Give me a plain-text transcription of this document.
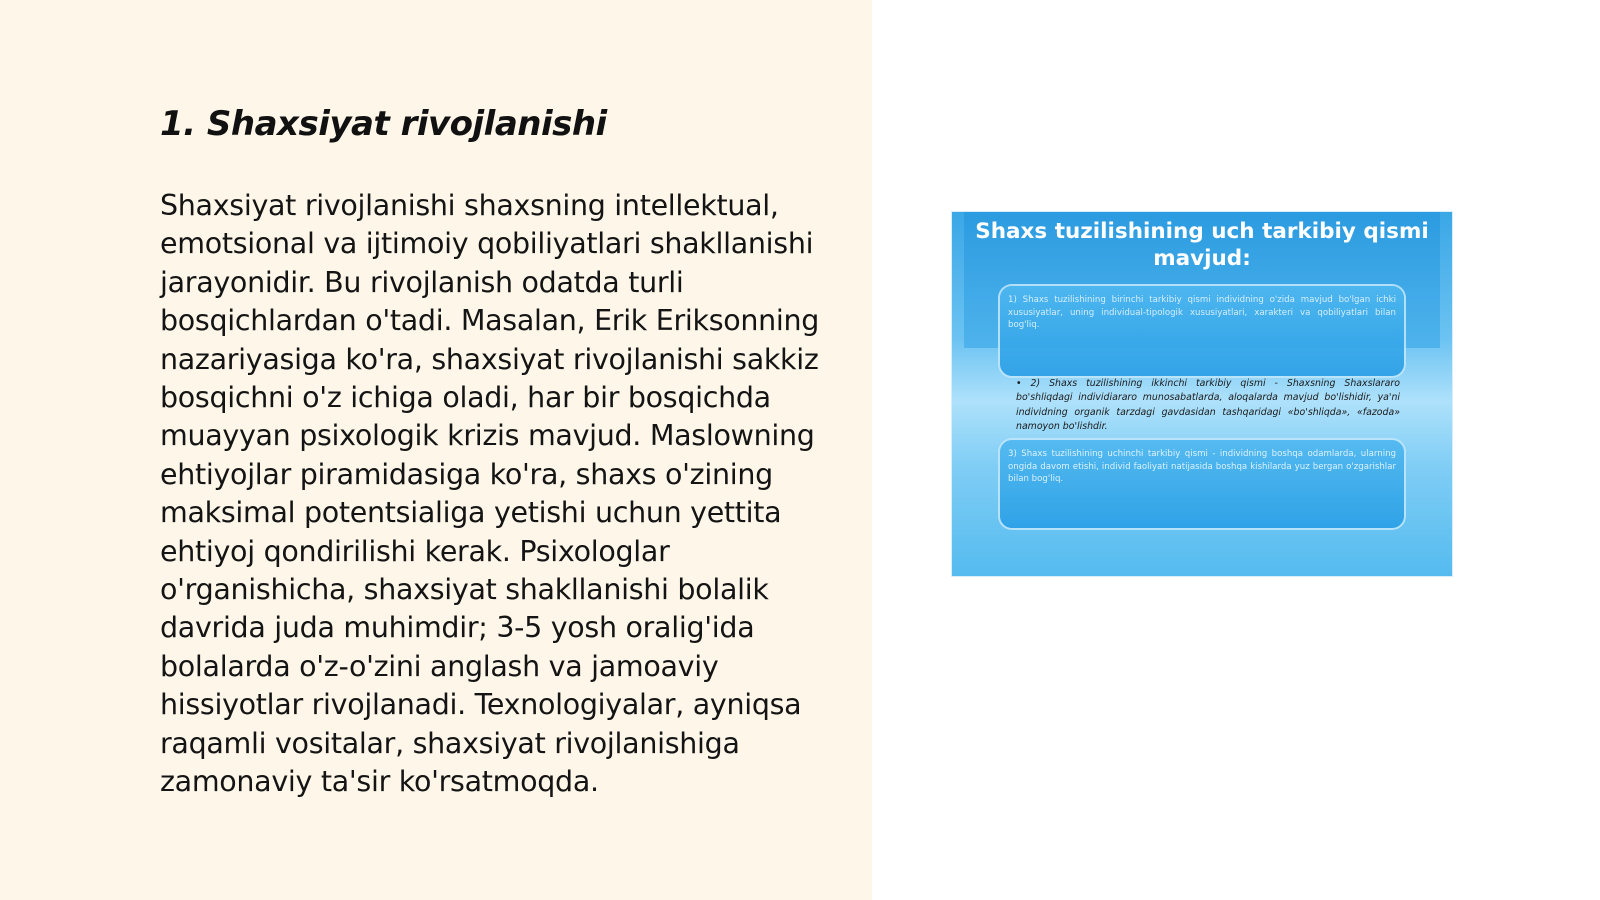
1. Shaxsiyat rivojlanishi

Shaxsiyat rivojlanishi shaxsning intellektual, emotsional va ijtimoiy qobiliyatlari shakllanishi jarayonidir. Bu rivojlanish odatda turli bosqichlardan o'tadi. Masalan, Erik Eriksonning nazariyasiga ko'ra, shaxsiyat rivojlanishi sakkiz bosqichni o'z ichiga oladi, har bir bosqichda muayyan psixologik krizis mavjud. Maslowning ehtiyojlar piramidasiga ko'ra, shaxs o'zining maksimal potentsialiga yetishi uchun yettita ehtiyoj qondirilishi kerak. Psixologlar o'rganishicha, shaxsiyat shakllanishi bolalik davrida juda muhimdir; 3-5 yosh oralig'ida bolalarda o'z-o'zini anglash va jamoaviy hissiyotlar rivojlanadi. Texnologiyalar, ayniqsa raqamli vositalar, shaxsiyat rivojlanishiga zamonaviy ta'sir ko'rsatmoqda.

Shaxs tuzilishining uch tarkibiy qismi mavjud:
1) Shaxs tuzilishining birinchi tarkibiy qismi individning o'zida mavjud bo'lgan ichki xususiyatlar, uning individual-tipologik xususiyatlari, xarakteri va qobiliyatlari bilan bog'liq.
• 2) Shaxs tuzilishining ikkinchi tarkibiy qismi - Shaxsning Shaxslararo bo'shliqdagi individiararo munosabatlarda, aloqalarda mavjud bo'lishidir, ya'ni individning organik tarzdagi gavdasidan tashqaridagi «bo'shliqda», «fazoda» namoyon bo'lishdir.
3) Shaxs tuzilishining uchinchi tarkibiy qismi - individning boshqa odamlarda, ularning ongida davom etishi, individ faoliyati natijasida boshqa kishilarda yuz bergan o'zgarishlar bilan bog'liq.
